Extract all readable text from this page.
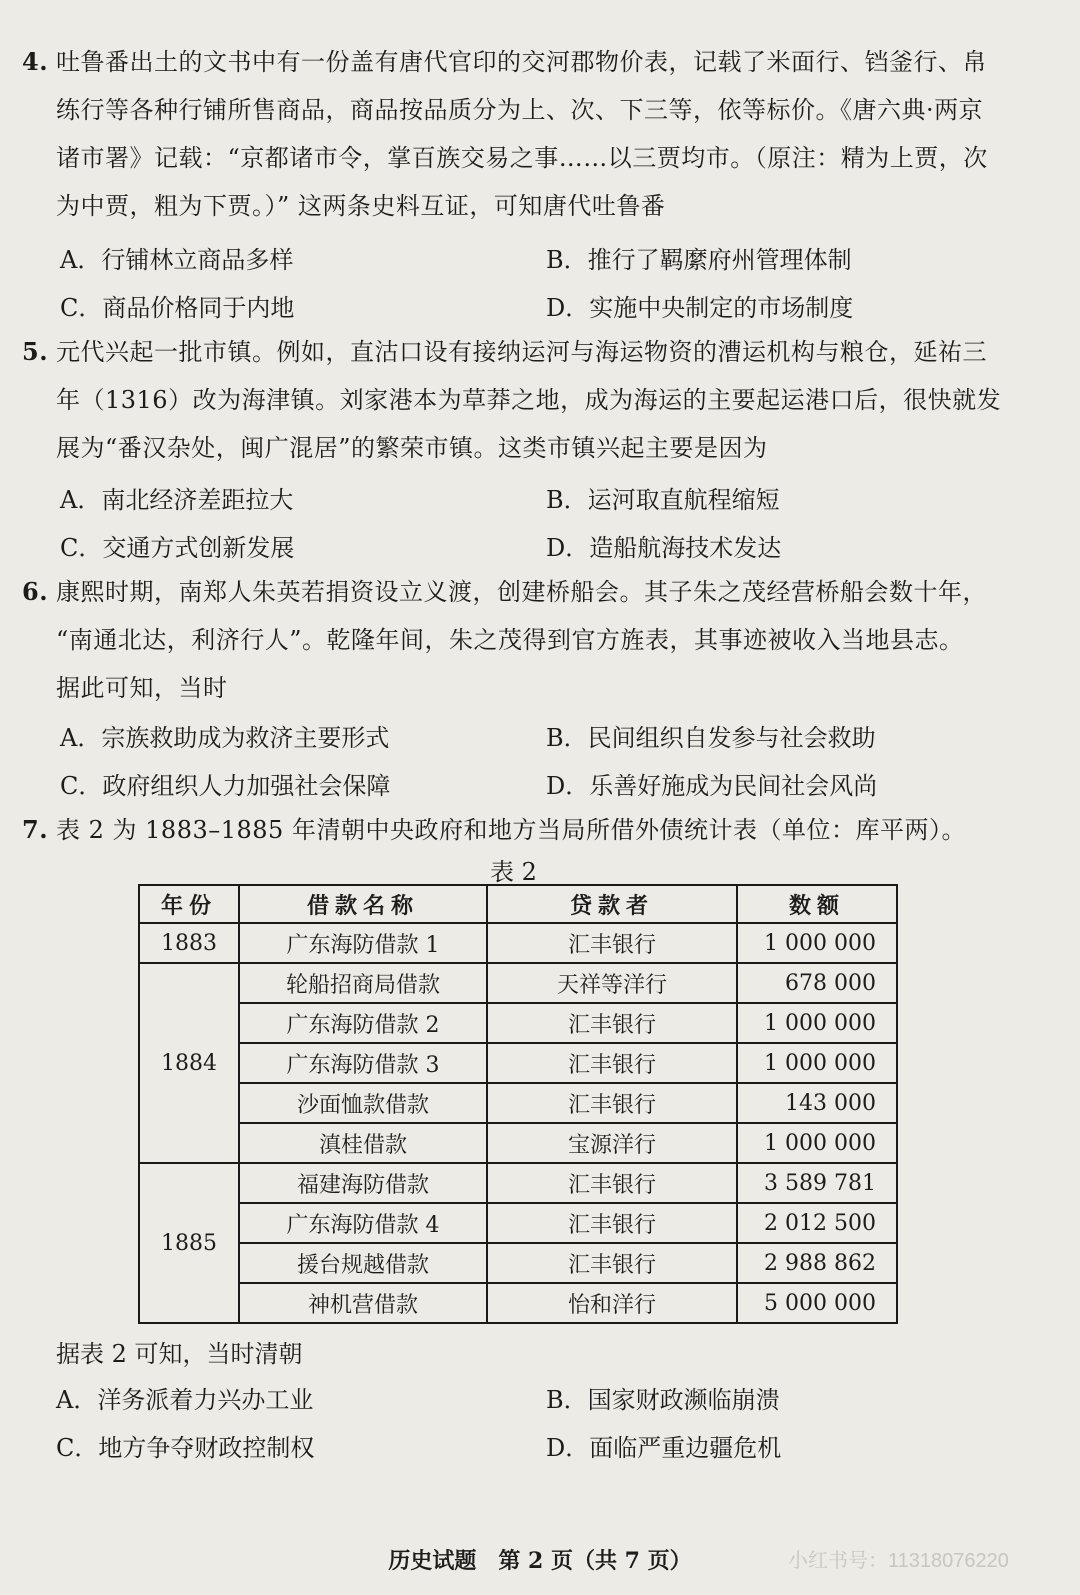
4. 吐鲁番出土的文书中有一份盖有唐代官印的交河郡物价表，记载了米面行、铛釜行、帛
练行等各种行铺所售商品，商品按品质分为上、次、下三等，依等标价。《唐六典·两京
诸市署》记载：“京都诸市令，掌百族交易之事……以三贾均市。（原注：精为上贾，次
为中贾，粗为下贾。）” 这两条史料互证，可知唐代吐鲁番
A．行铺林立商品多样	B．推行了羁縻府州管理体制
C．商品价格同于内地	D．实施中央制定的市场制度
5. 元代兴起一批市镇。例如，直沽口设有接纳运河与海运物资的漕运机构与粮仓，延祐三
年（1316）改为海津镇。刘家港本为草莽之地，成为海运的主要起运港口后，很快就发
展为“番汉杂处，闽广混居”的繁荣市镇。这类市镇兴起主要是因为
A．南北经济差距拉大	B．运河取直航程缩短
C．交通方式创新发展	D．造船航海技术发达
6. 康熙时期，南郑人朱英若捐资设立义渡，创建桥船会。其子朱之茂经营桥船会数十年，
“南通北达，利济行人”。乾隆年间，朱之茂得到官方旌表，其事迹被收入当地县志。
据此可知，当时
A．宗族救助成为救济主要形式	B．民间组织自发参与社会救助
C．政府组织人力加强社会保障	D．乐善好施成为民间社会风尚
7. 表 2 为 1883–1885 年清朝中央政府和地方当局所借外债统计表（单位：库平两）。
表 2
年份	借款名称	贷款者	数额
1883	广东海防借款 1	汇丰银行	1 000 000
1884	轮船招商局借款	天祥等洋行	678 000
	广东海防借款 2	汇丰银行	1 000 000
	广东海防借款 3	汇丰银行	1 000 000
	沙面恤款借款	汇丰银行	143 000
	滇桂借款	宝源洋行	1 000 000
1885	福建海防借款	汇丰银行	3 589 781
	广东海防借款 4	汇丰银行	2 012 500
	援台规越借款	汇丰银行	2 988 862
	神机营借款	怡和洋行	5 000 000
据表 2 可知，当时清朝
A．洋务派着力兴办工业	B．国家财政濒临崩溃
C．地方争夺财政控制权	D．面临严重边疆危机
历史试题　第 2 页（共 7 页）	小红书号：1131807622​0
